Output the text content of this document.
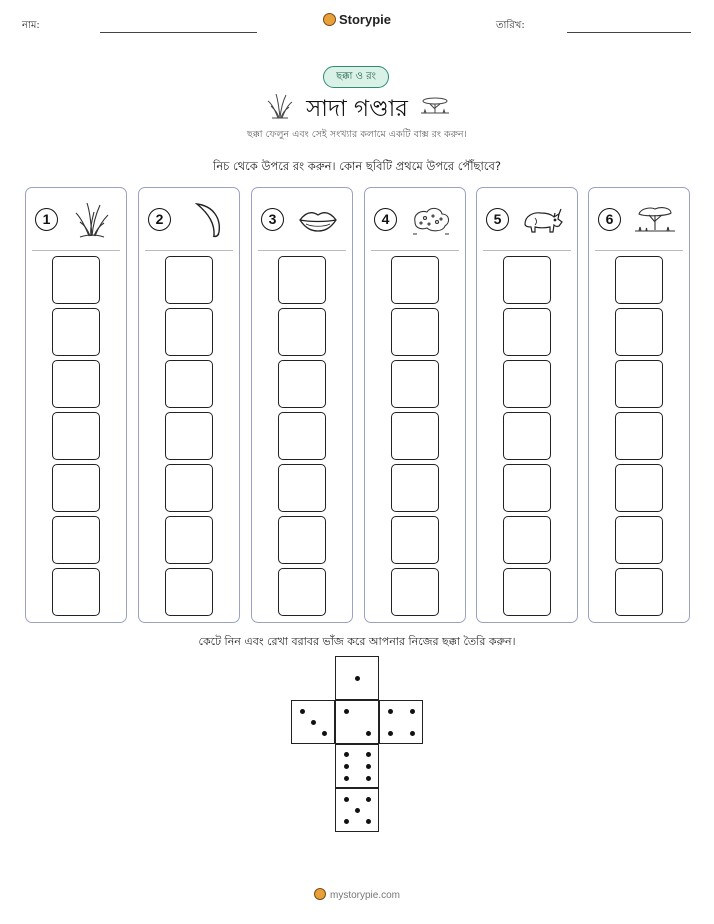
নাম:	Storypie	তারিখ:
ছক্কা ও রং
সাদা গণ্ডার
ছক্কা ফেলুন এবং সেই সংখ্যার কলামে একটি বাক্স রং করুন।
নিচ থেকে উপরে রং করুন। কোন ছবিটি প্রথমে উপরে পৌঁছাবে?
1	2	3	4	5	6
কেটে নিন এবং রেখা বরাবর ভাঁজ করে আপনার নিজের ছক্কা তৈরি করুন।
mystorypie.com
